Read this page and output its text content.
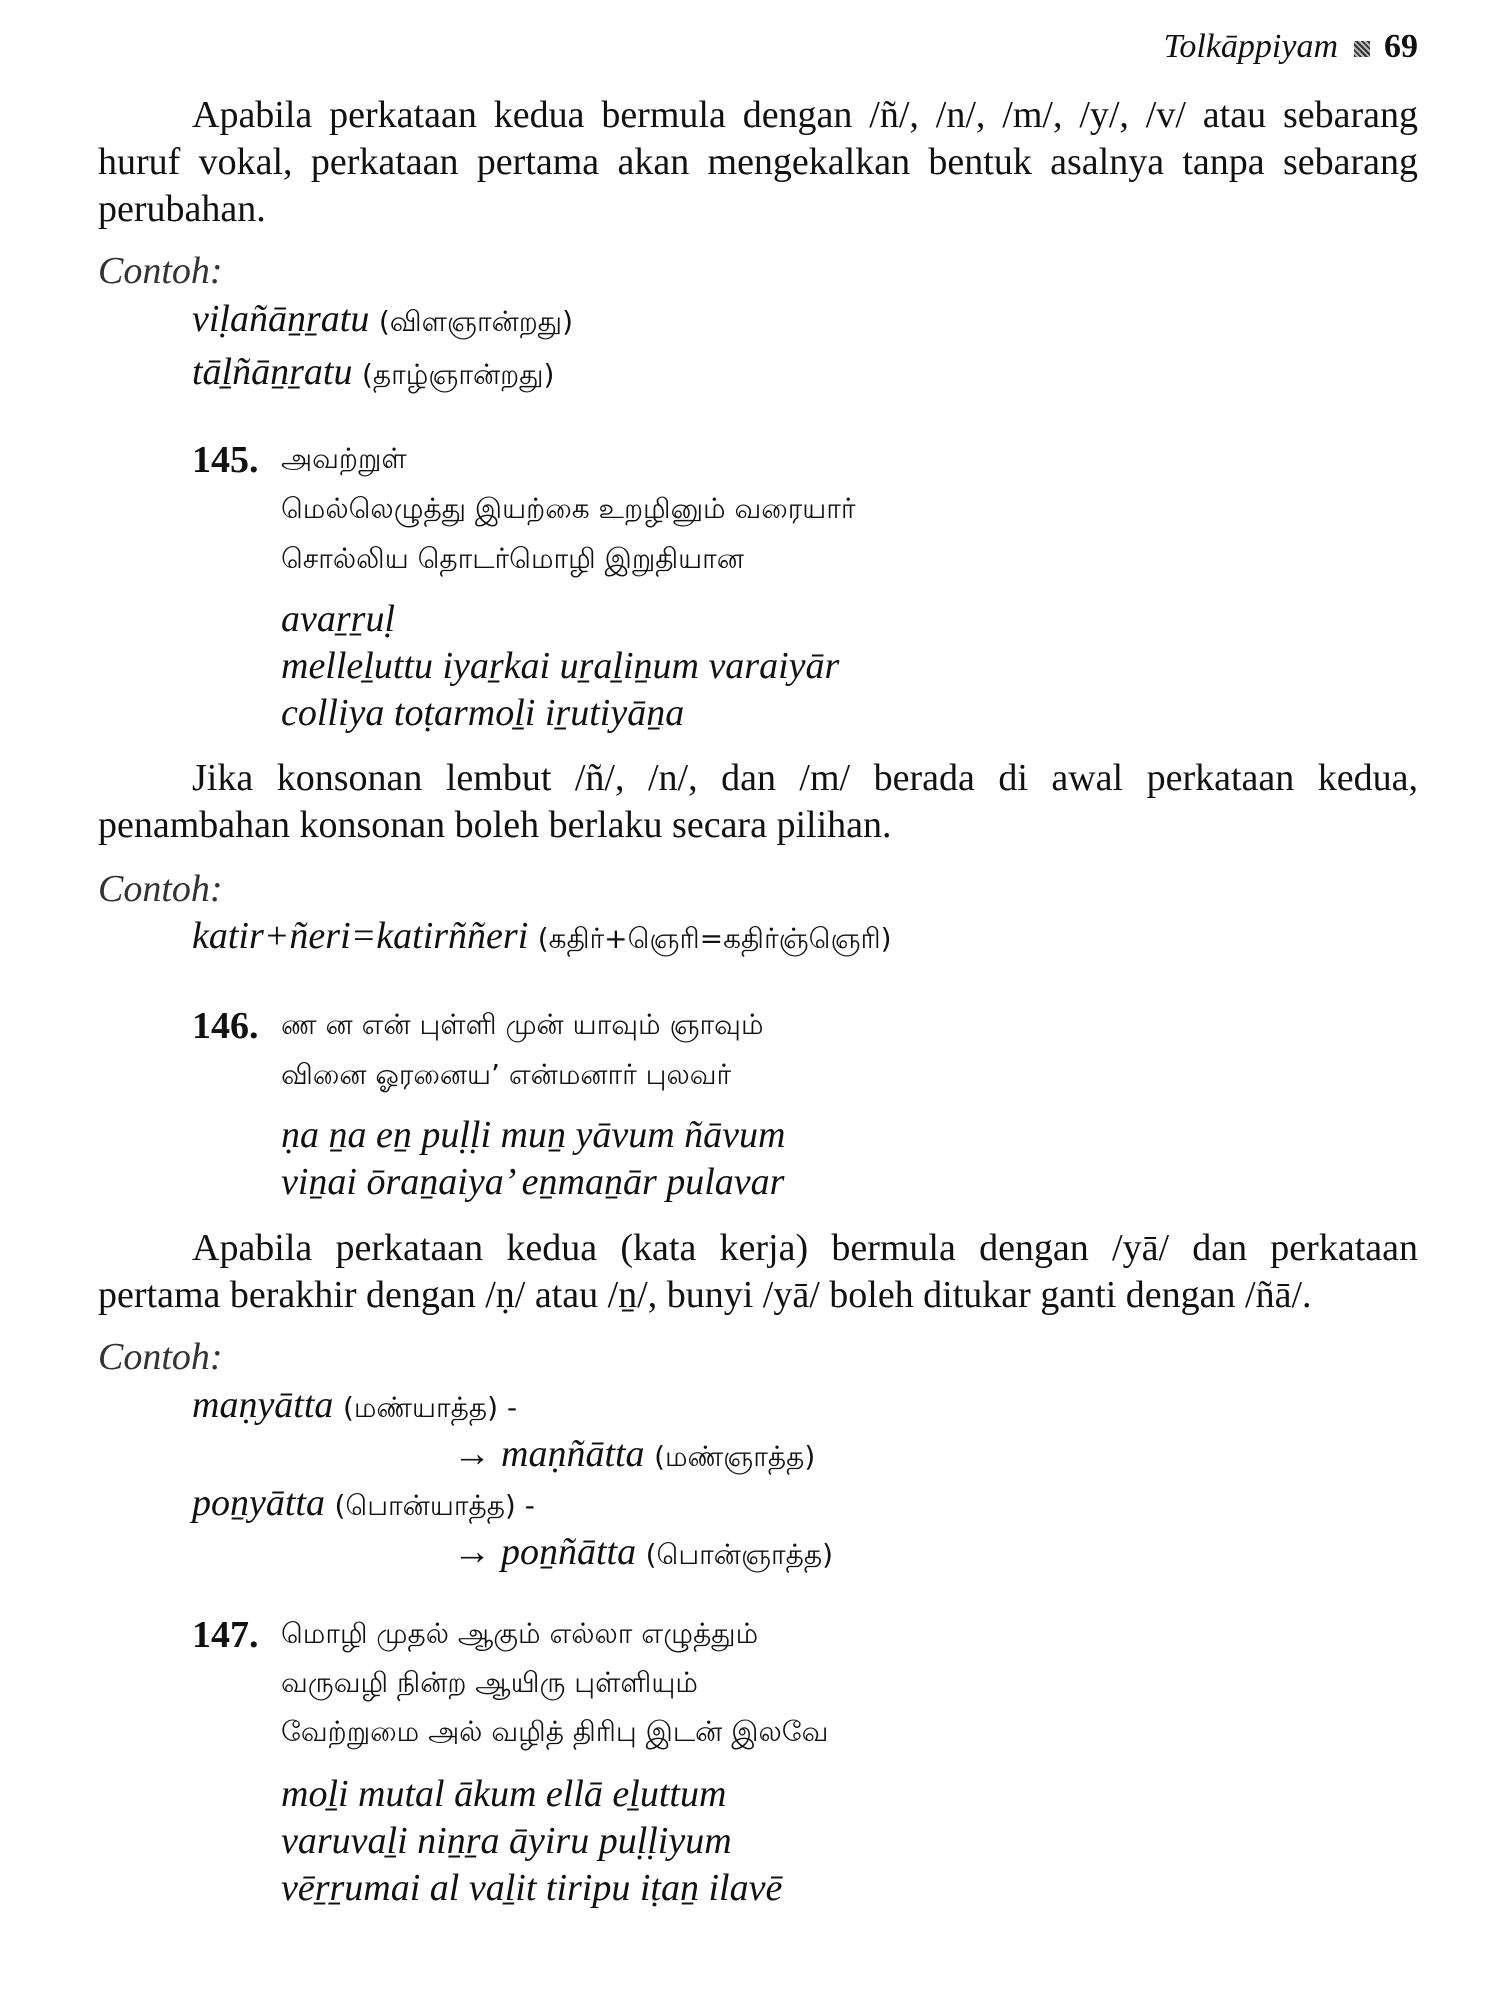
Tolkāppiyam 69

Apabila perkataan kedua bermula dengan /ñ/, /n/, /m/, /y/, /v/ atau sebarang huruf vokal, perkataan pertama akan mengekalkan bentuk asalnya tanpa sebarang perubahan.

Contoh:
viḷañāṉṟatu (விளஞான்றது)
tāḻñāṉṟatu (தாழ்ஞான்றது)
145. அவற்றுள்
மெல்லெழுத்து இயற்கை உறழினும் வரையார்
சொல்லிய தொடர்மொழி இறுதியான
avaṟṟuḷ
melleḻuttu iyaṟkai uṟaḻiṉum varaiyār
colliya toṭarmoḻi iṟutiyāṉa

Jika konsonan lembut /ñ/, /n/, dan /m/ berada di awal perkataan kedua, penambahan konsonan boleh berlaku secara pilihan.

Contoh:
katir+ñeri=katirññeri (கதிர்+ஞெரி=கதிர்ஞ்ஞெரி)
146. ண ன என் புள்ளி முன் யாவும் ஞாவும்
வினை ஓரனைய’ என்மனார் புலவர்
ṇa ṉa eṉ puḷḷi muṉ yāvum ñāvum
viṉai ōraṉaiya’ eṉmaṉār pulavar

Apabila perkataan kedua (kata kerja) bermula dengan /yā/ dan perkataan pertama berakhir dengan /ṇ/ atau /ṉ/, bunyi /yā/ boleh ditukar ganti dengan /ñā/.

Contoh:
maṇyātta (மண்யாத்த) -
→ maṇñātta (மண்ஞாத்த)
poṉyātta (பொன்யாத்த) -
→ poṉñātta (பொன்ஞாத்த)
147. மொழி முதல் ஆகும் எல்லா எழுத்தும்
வருவழி நின்ற ஆயிரு புள்ளியும்
வேற்றுமை அல் வழித் திரிபு இடன் இலவே
moḻi mutal ākum ellā eḻuttum
varuvaḻi niṉṟa āyiru puḷḷiyum
vēṟṟumai al vaḻit tiripu iṭaṉ ilavē
